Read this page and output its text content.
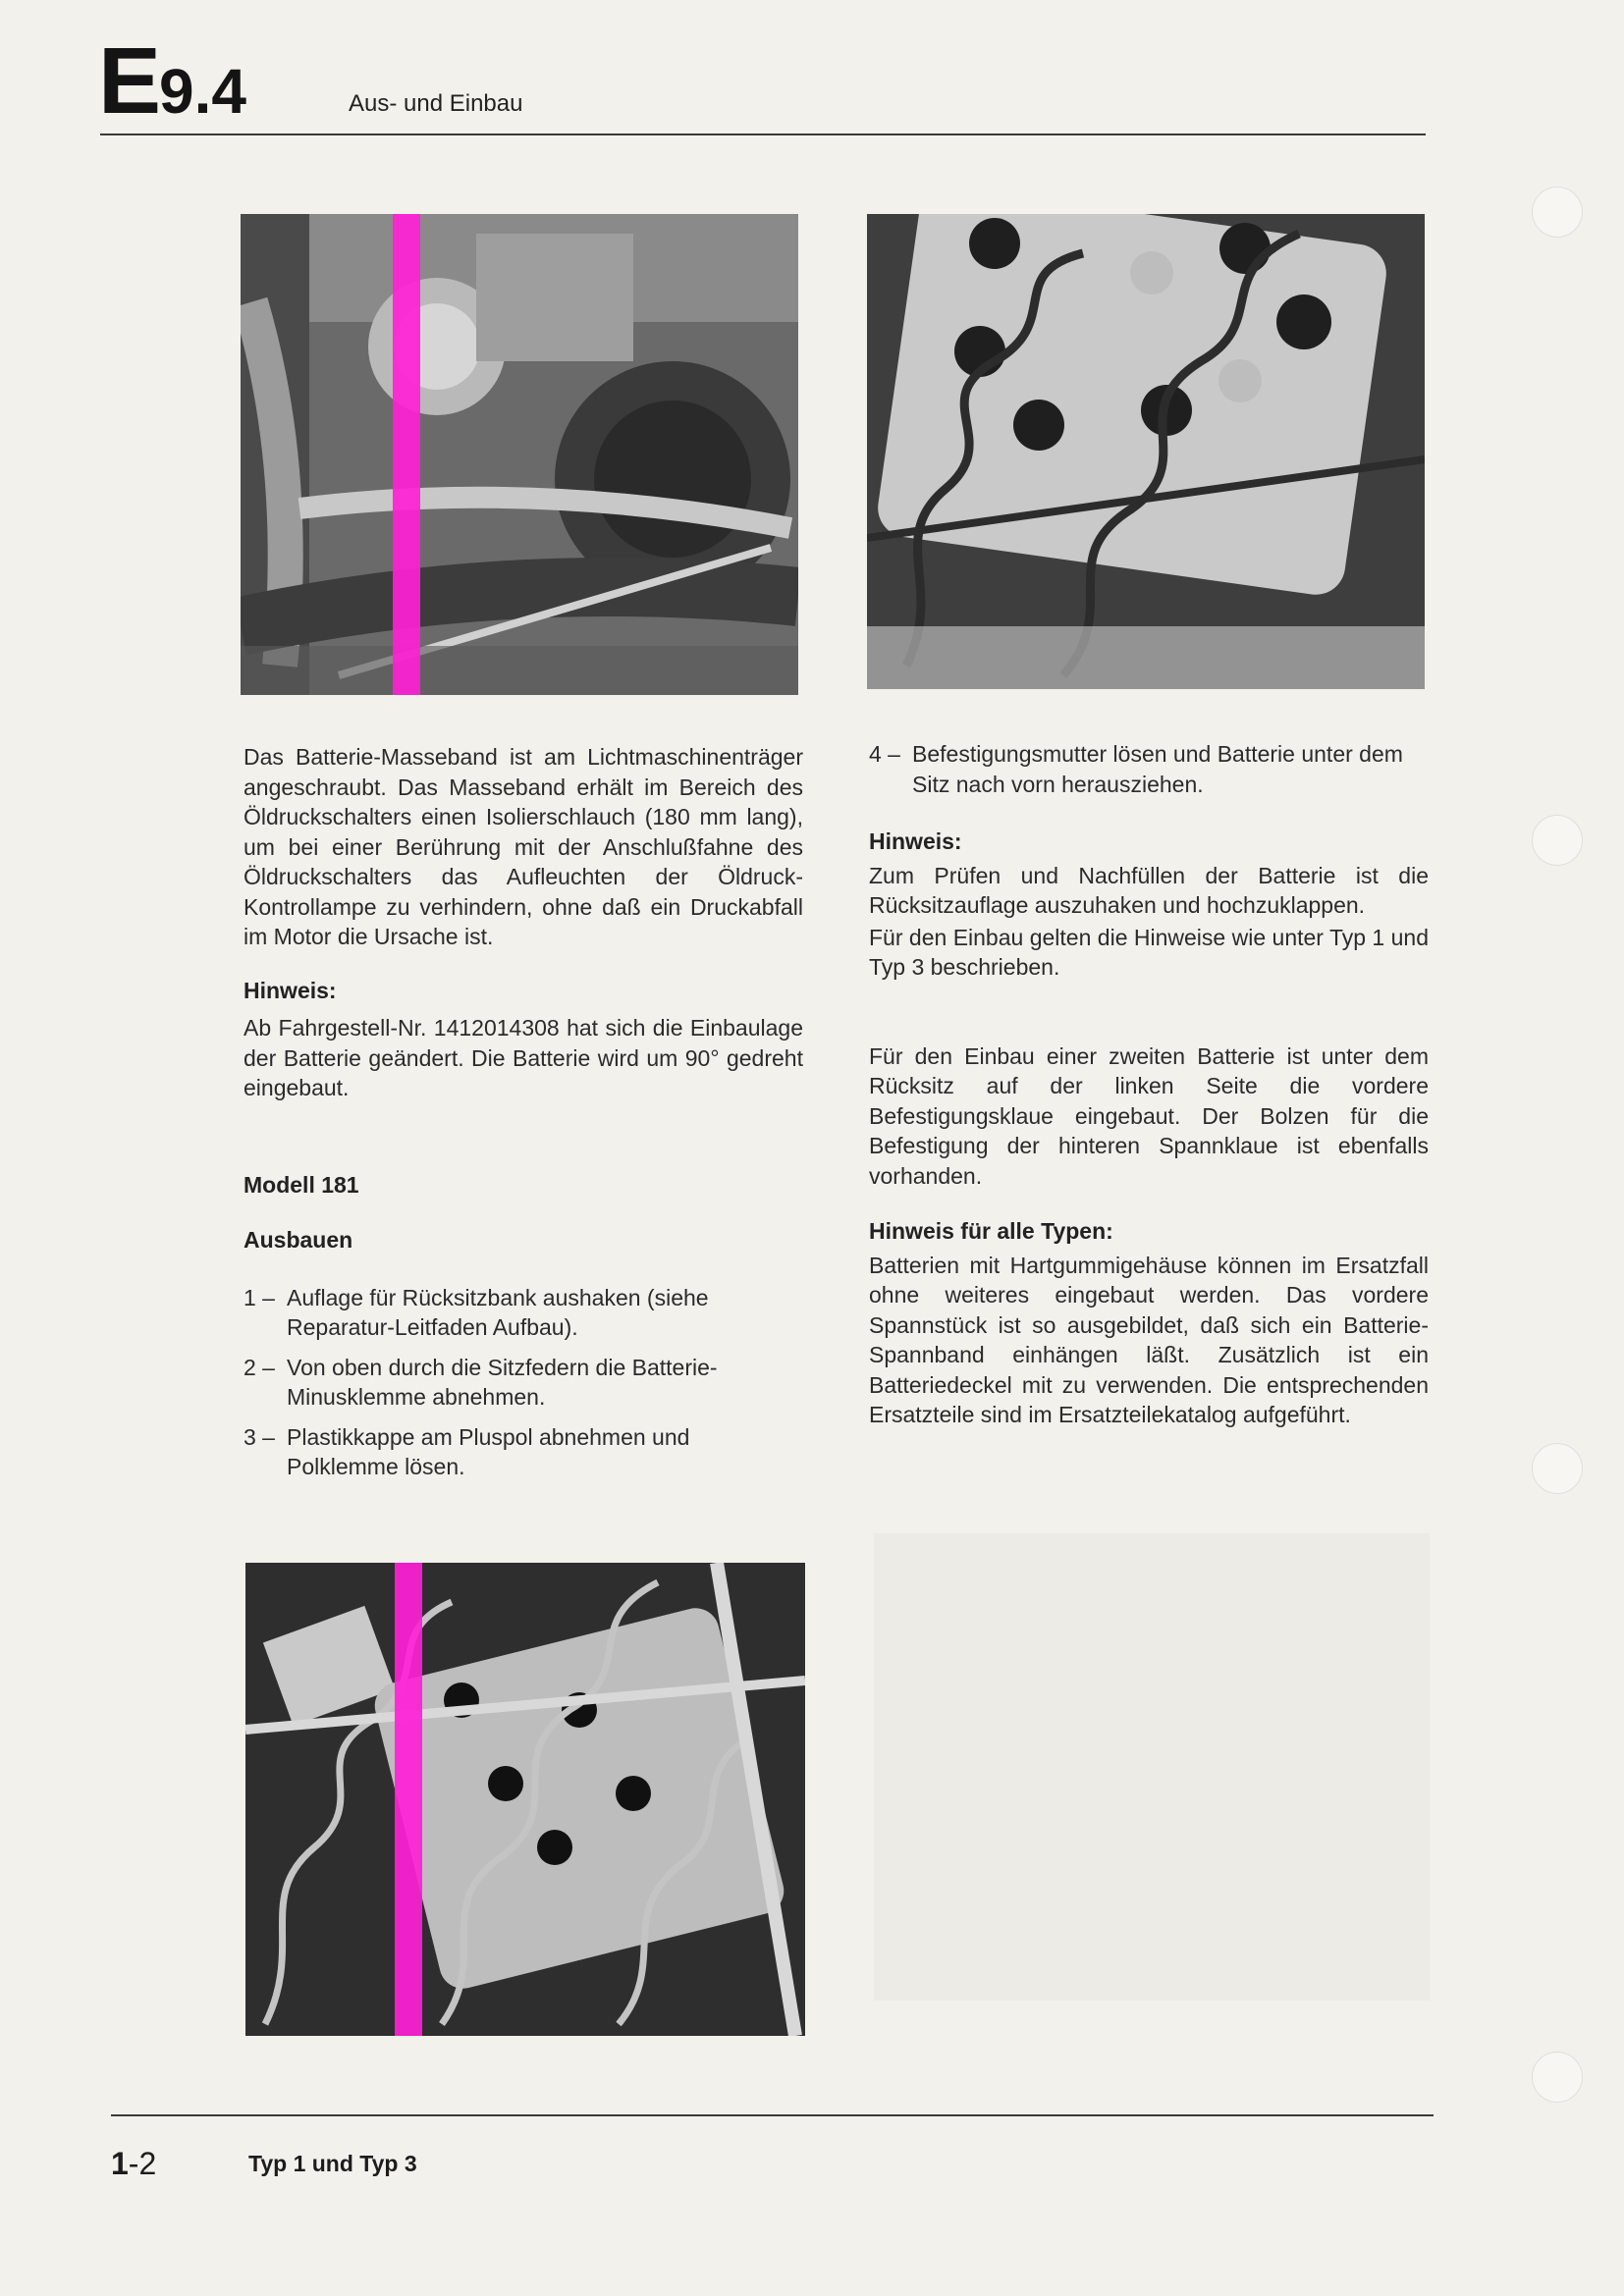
E9.4	Aus- und Einbau

Das Batterie-Masseband ist am Lichtmaschinenträger angeschraubt. Das Masseband erhält im Bereich des Öldruckschalters einen Isolierschlauch (180 mm lang), um bei einer Berührung mit der Anschlußfahne des Öldruckschalters das Aufleuchten der Öldruck-Kontrollampe zu verhindern, ohne daß ein Druckabfall im Motor die Ursache ist.

Hinweis:

Ab Fahrgestell-Nr. 1412014308 hat sich die Einbaulage der Batterie geändert. Die Batterie wird um 90° gedreht eingebaut.

Modell 181

Ausbauen

1 – Auflage für Rücksitzbank aushaken (siehe Reparatur-Leitfaden Aufbau).
2 – Von oben durch die Sitzfedern die Batterie-Minusklemme abnehmen.
3 – Plastikkappe am Pluspol abnehmen und Polklemme lösen.
4 – Befestigungsmutter lösen und Batterie unter dem Sitz nach vorn herausziehen.

Hinweis:

Zum Prüfen und Nachfüllen der Batterie ist die Rücksitzauflage auszuhaken und hochzuklappen.

Für den Einbau gelten die Hinweise wie unter Typ 1 und Typ 3 beschrieben.

Für den Einbau einer zweiten Batterie ist unter dem Rücksitz auf der linken Seite die vordere Befestigungsklaue eingebaut. Der Bolzen für die Befestigung der hinteren Spannklaue ist ebenfalls vorhanden.

Hinweis für alle Typen:

Batterien mit Hartgummigehäuse können im Ersatzfall ohne weiteres eingebaut werden. Das vordere Spannstück ist so ausgebildet, daß sich ein Batterie-Spannband einhängen läßt. Zusätzlich ist ein Batteriedeckel mit zu verwenden. Die entsprechenden Ersatzteile sind im Ersatzteilekatalog aufgeführt.

1-2	Typ 1 und Typ 3
